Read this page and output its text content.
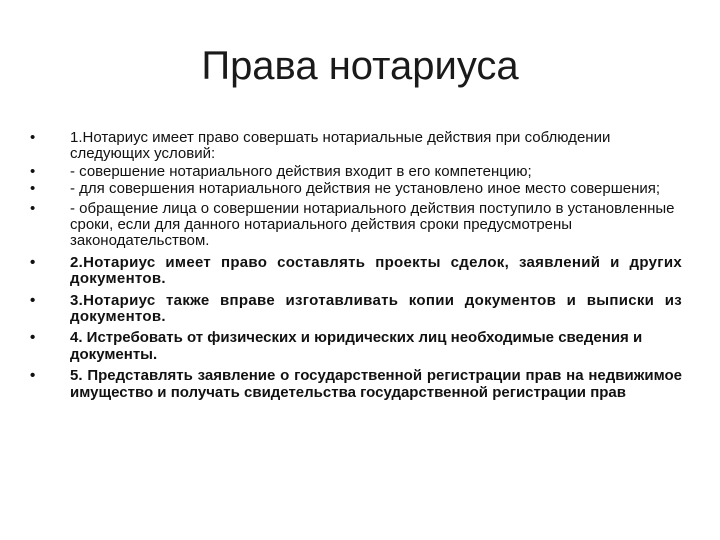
Права нотариуса
•	1.Нотариус имеет право совершать нотариальные действия при соблюдении следующих условий:
•	- совершение нотариального действия входит в его компетенцию;
•	- для совершения нотариального действия не установлено иное место совершения;
•	- обращение лица о совершении нотариального действия поступило в установленные сроки, если для данного нотариального действия сроки предусмотрены законодательством.
•	2.Нотариус имеет право составлять проекты сделок, заявлений и других документов.
•	3.Нотариус также вправе изготавливать копии документов и выписки из документов.
•	4. Истребовать от физических и юридических лиц необходимые сведения и документы.
•	5. Представлять заявление о государственной регистрации прав на недвижимое имущество и получать свидетельства государственной регистрации прав
